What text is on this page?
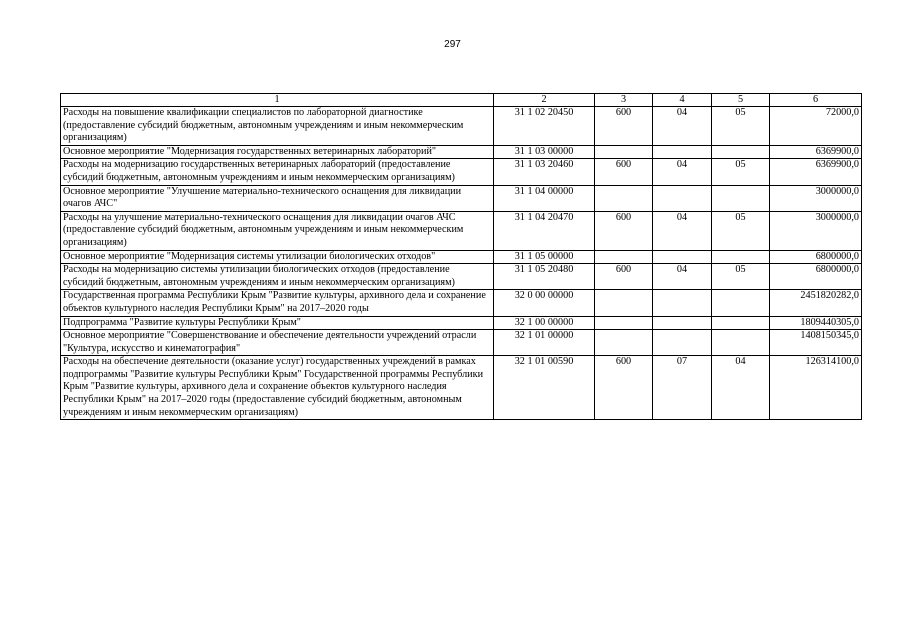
297
1	2	3	4	5	6
Расходы на повышение квалификации специалистов по лабораторной диагностике (предоставление субсидий бюджетным, автономным учреждениям и иным некоммерческим организациям)	31 1 02 20450	600	04	05	72000,0
Основное мероприятие "Модернизация государственных ветеринарных лабораторий"	31 1 03 00000				6369900,0
Расходы на модернизацию государственных ветеринарных лабораторий (предоставление субсидий бюджетным, автономным учреждениям и иным некоммерческим организациям)	31 1 03 20460	600	04	05	6369900,0
Основное мероприятие "Улучшение материально-технического оснащения для ликвидации очагов АЧС"	31 1 04 00000				3000000,0
Расходы на улучшение материально-технического оснащения для ликвидации очагов АЧС (предоставление субсидий бюджетным, автономным учреждениям и иным некоммерческим организациям)	31 1 04 20470	600	04	05	3000000,0
Основное мероприятие "Модернизация системы утилизации биологических отходов"	31 1 05 00000				6800000,0
Расходы на модернизацию системы утилизации биологических отходов (предоставление субсидий бюджетным, автономным учреждениям и иным некоммерческим организациям)	31 1 05 20480	600	04	05	6800000,0
Государственная программа Республики Крым "Развитие культуры, архивного дела и сохранение объектов культурного наследия Республики Крым" на 2017–2020 годы	32 0 00 00000				2451820282,0
Подпрограмма "Развитие культуры Республики Крым"	32 1 00 00000				1809440305,0
Основное мероприятие "Совершенствование и обеспечение деятельности учреждений отрасли "Культура, искусство и кинематография"	32 1 01 00000				1408150345,0
Расходы на обеспечение деятельности (оказание услуг) государственных учреждений в рамках подпрограммы "Развитие культуры Республики Крым" Государственной программы Республики Крым "Развитие культуры, архивного дела и сохранение объектов культурного наследия Республики Крым" на 2017–2020 годы (предоставление субсидий бюджетным, автономным учреждениям и иным некоммерческим организациям)	32 1 01 00590	600	07	04	126314100,0
